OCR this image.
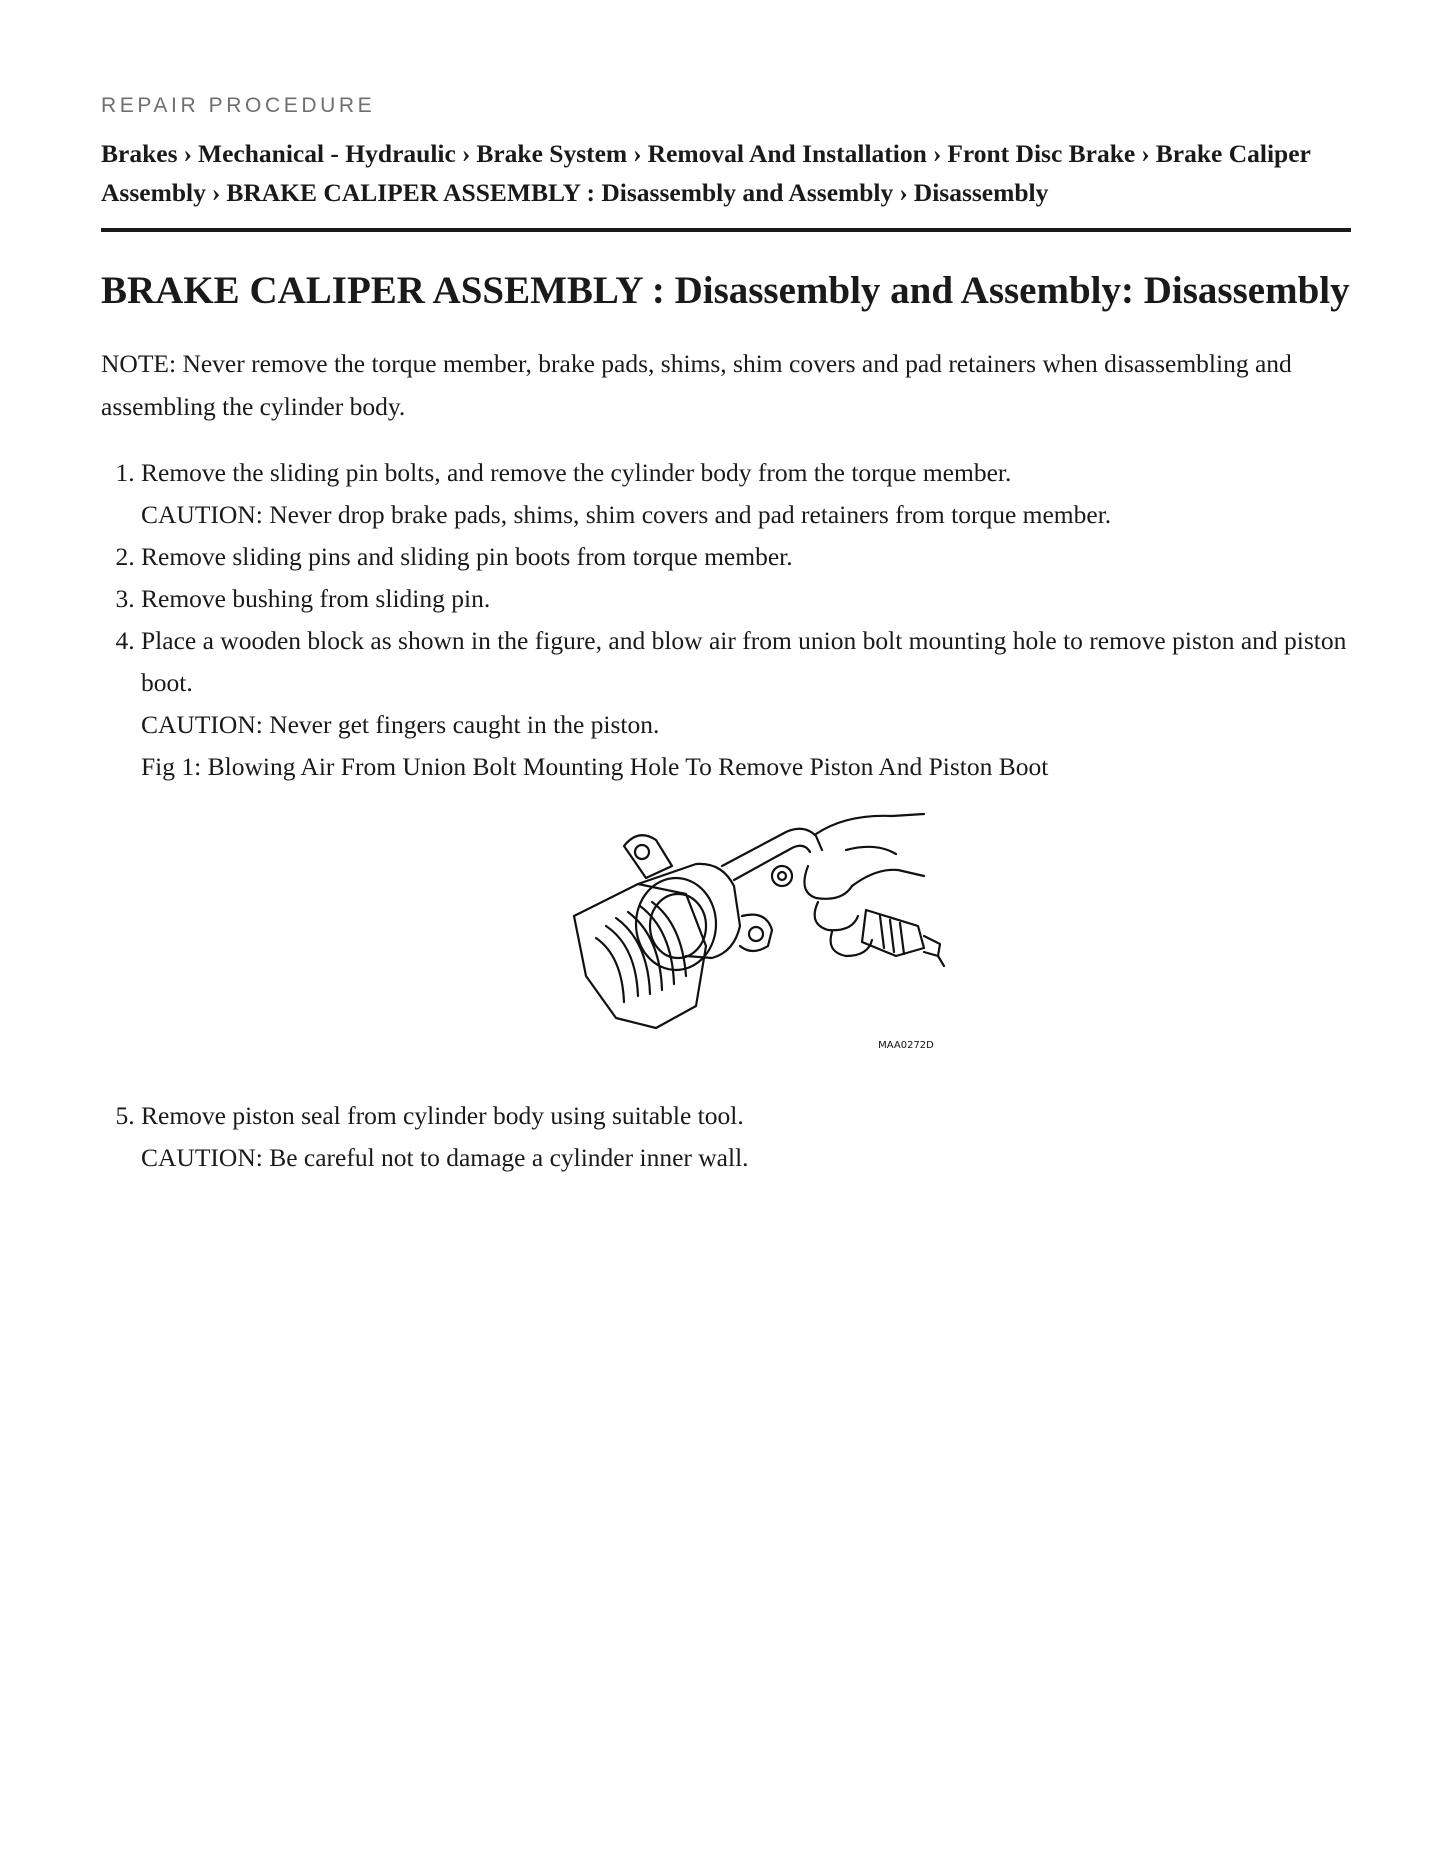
REPAIR PROCEDURE
Brakes › Mechanical - Hydraulic › Brake System › Removal And Installation › Front Disc Brake › Brake Caliper Assembly › BRAKE CALIPER ASSEMBLY : Disassembly and Assembly › Disassembly
BRAKE CALIPER ASSEMBLY : Disassembly and Assembly: Disassembly

NOTE: Never remove the torque member, brake pads, shims, shim covers and pad retainers when disassembling and assembling the cylinder body.

1. Remove the sliding pin bolts, and remove the cylinder body from the torque member.
CAUTION: Never drop brake pads, shims, shim covers and pad retainers from torque member.
2. Remove sliding pins and sliding pin boots from torque member.
3. Remove bushing from sliding pin.
4. Place a wooden block as shown in the figure, and blow air from union bolt mounting hole to remove piston and piston boot.
CAUTION: Never get fingers caught in the piston.
Fig 1: Blowing Air From Union Bolt Mounting Hole To Remove Piston And Piston Boot
MAA0272D
5. Remove piston seal from cylinder body using suitable tool.
CAUTION: Be careful not to damage a cylinder inner wall.
